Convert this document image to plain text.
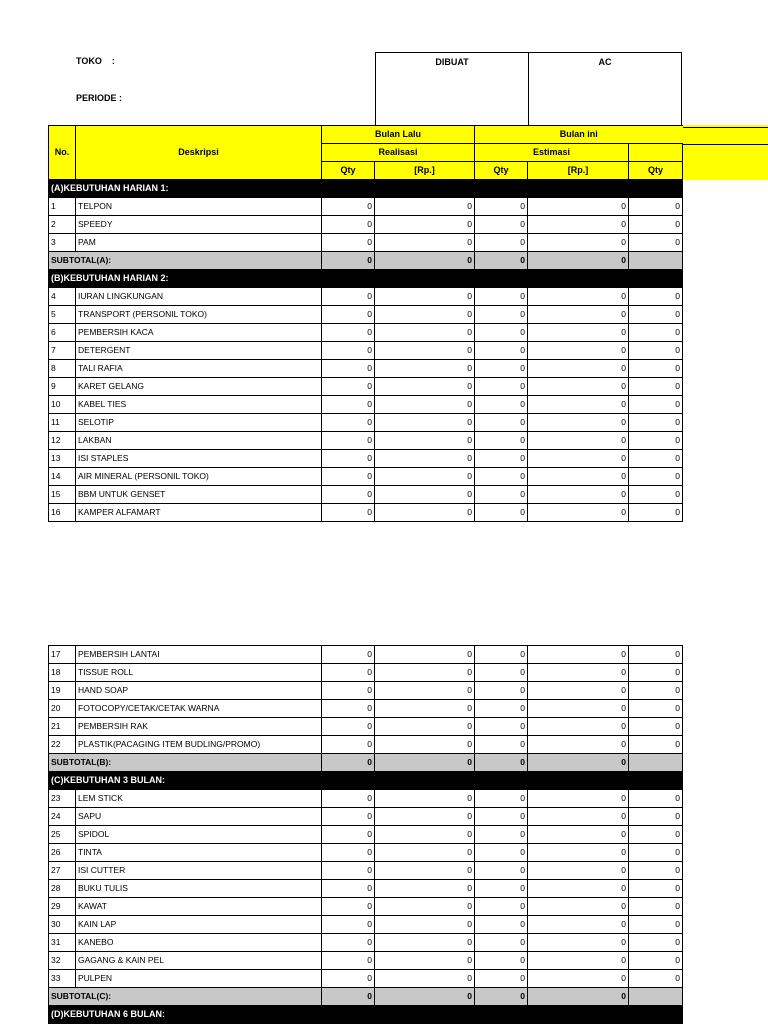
TOKO :
PERIODE :
DIBUAT	AC
No.	Deskripsi	Bulan Lalu		Bulan ini		
		Realisasi		Estimasi		
		Qty	[Rp.]	Qty	[Rp.]	Qty
(A)KEBUTUHAN HARIAN 1:						
1	TELPON	0	0	0	0	0
2	SPEEDY	0	0	0	0	0
3	PAM	0	0	0	0	0
SUBTOTAL(A):		0	0	0	0	
(B)KEBUTUHAN HARIAN 2:						
4	IURAN LINGKUNGAN	0	0	0	0	0
5	TRANSPORT (PERSONIL TOKO)	0	0	0	0	0
6	PEMBERSIH KACA	0	0	0	0	0
7	DETERGENT	0	0	0	0	0
8	TALI RAFIA	0	0	0	0	0
9	KARET GELANG	0	0	0	0	0
10	KABEL TIES	0	0	0	0	0
11	SELOTIP	0	0	0	0	0
12	LAKBAN	0	0	0	0	0
13	ISI STAPLES	0	0	0	0	0
14	AIR MINERAL (PERSONIL TOKO)	0	0	0	0	0
15	BBM UNTUK GENSET	0	0	0	0	0
16	KAMPER ALFAMART	0	0	0	0	0
17	PEMBERSIH LANTAI	0	0	0	0	0
18	TISSUE ROLL	0	0	0	0	0
19	HAND SOAP	0	0	0	0	0
20	FOTOCOPY/CETAK/CETAK WARNA	0	0	0	0	0
21	PEMBERSIH RAK	0	0	0	0	0
22	PLASTIK(PACAGING ITEM BUDLING/PROMO)	0	0	0	0	0
SUBTOTAL(B):		0	0	0	0	
(C)KEBUTUHAN 3 BULAN:						
23	LEM STICK	0	0	0	0	0
24	SAPU	0	0	0	0	0
25	SPIDOL	0	0	0	0	0
26	TINTA	0	0	0	0	0
27	ISI CUTTER	0	0	0	0	0
28	BUKU TULIS	0	0	0	0	0
29	KAWAT	0	0	0	0	0
30	KAIN LAP	0	0	0	0	0
31	KANEBO	0	0	0	0	0
32	GAGANG & KAIN PEL	0	0	0	0	0
33	PULPEN	0	0	0	0	0
SUBTOTAL(C):		0	0	0	0	
(D)KEBUTUHAN 6 BULAN:						
